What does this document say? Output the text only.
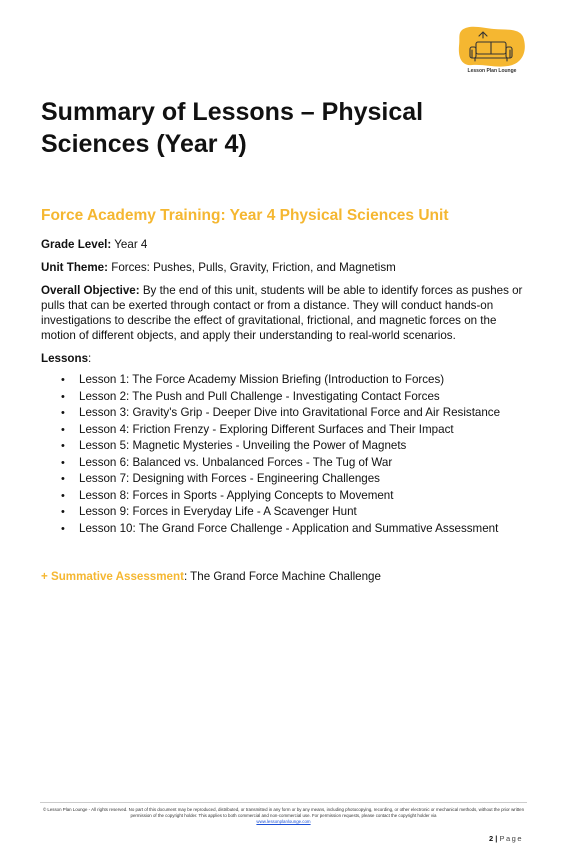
Lesson Plan Lounge
Summary of Lessons – Physical Sciences (Year 4)
Force Academy Training: Year 4 Physical Sciences Unit

Grade Level: Year 4

Unit Theme: Forces: Pushes, Pulls, Gravity, Friction, and Magnetism

Overall Objective: By the end of this unit, students will be able to identify forces as pushes or pulls that can be exerted through contact or from a distance. They will conduct hands-on investigations to describe the effect of gravitational, frictional, and magnetic forces on the motion of different objects, and apply their understanding to real-world scenarios.

Lessons:

• Lesson 1: The Force Academy Mission Briefing (Introduction to Forces)
• Lesson 2: The Push and Pull Challenge - Investigating Contact Forces
• Lesson 3: Gravity's Grip - Deeper Dive into Gravitational Force and Air Resistance
• Lesson 4: Friction Frenzy - Exploring Different Surfaces and Their Impact
• Lesson 5: Magnetic Mysteries - Unveiling the Power of Magnets
• Lesson 6: Balanced vs. Unbalanced Forces - The Tug of War
• Lesson 7: Designing with Forces - Engineering Challenges
• Lesson 8: Forces in Sports - Applying Concepts to Movement
• Lesson 9: Forces in Everyday Life - A Scavenger Hunt
• Lesson 10: The Grand Force Challenge - Application and Summative Assessment

+ Summative Assessment: The Grand Force Machine Challenge

© Lesson Plan Lounge - All rights reserved. No part of this document may be reproduced, distributed, or transmitted in any form or by any means, including photocopying, recording, or other electronic or mechanical methods, without the prior written permission of the copyright holder. This applies to both commercial and non-commercial use. For permission requests, please contact the copyright holder via
www.lessonplanlounge.com
2 | Page
